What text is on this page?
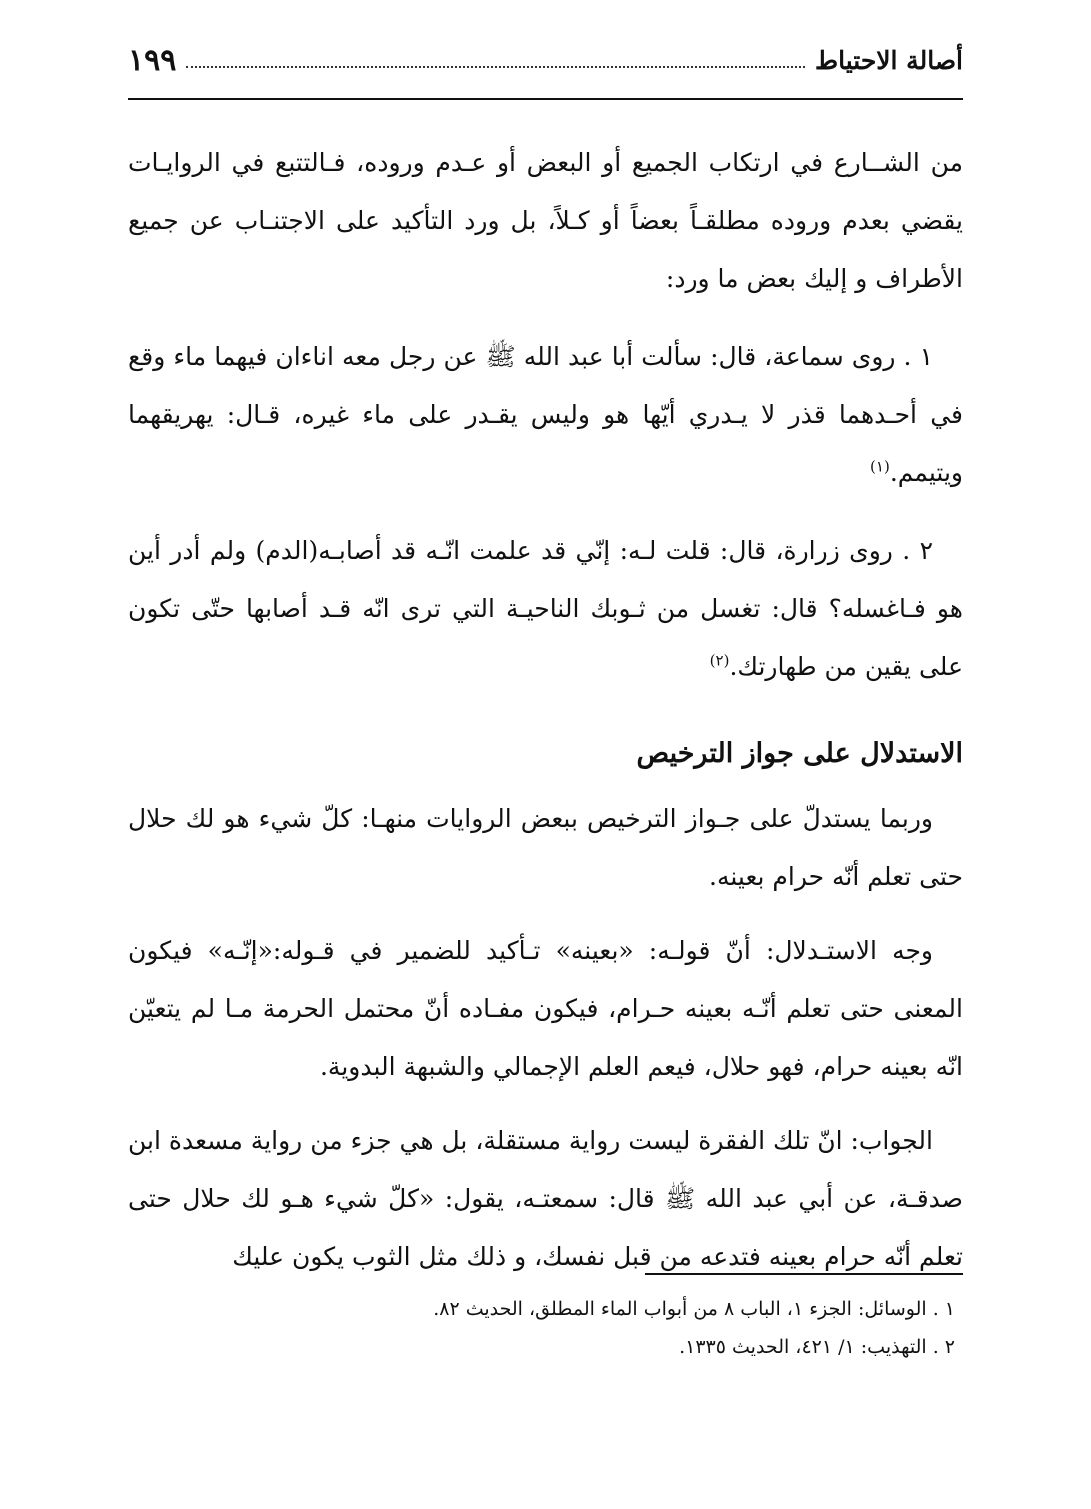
أصالة الاحتياط
١٩٩

من الشــارع في ارتكاب الجميع أو البعض أو عـدم وروده، فـالتتبع في الروايـات يقضي بعدم وروده مطلقـاً بعضاً أو كـلاً، بل ورد التأكيد على الاجتنـاب عن جميع الأطراف و إليك بعض ما ورد:

١ . روى سماعة، قال: سألت أبا عبد الله ﷺ عن رجل معه اناءان فيهما ماء وقع في أحـدهما قذر لا يـدري أيّها هو وليس يقـدر على ماء غيره، قـال: يهريقهما ويتيمم.$^{(١)}$

٢ . روى زرارة، قال: قلت لـه: إنّي قد علمت انّـه قد أصابـه(الدم) ولم أدر أين هو فـاغسله؟ قال: تغسل من ثـوبك الناحيـة التي ترى انّه قـد أصابها حتّى تكون على يقين من طهارتك.$^{(٢)}$

الاستدلال على جواز الترخيص

وربما يستدلّ على جـواز الترخيص ببعض الروايات منهـا: كلّ شيء هو لك حلال حتى تعلم أنّه حرام بعينه.

وجه الاستـدلال: أنّ قولـه: «بعينه» تـأكيد للضمير في قـوله:«إنّـه» فيكون المعنى حتى تعلم أنّـه بعينه حـرام، فيكون مفـاده أنّ محتمل الحرمة مـا لم يتعيّن انّه بعينه حرام، فهو حلال، فيعم العلم الإجمالي والشبهة البدوية.

الجواب: انّ تلك الفقرة ليست رواية مستقلة، بل هي جزء من رواية مسعدة ابن صدقـة، عن أبي عبد الله ﷺ قال: سمعتـه، يقول: «كلّ شيء هـو لك حلال حتى تعلم أنّه حرام بعينه فتدعه من قبل نفسك، و ذلك مثل الثوب يكون عليك

١ . الوسائل: الجزء ١، الباب ٨ من أبواب الماء المطلق، الحديث ٨٢.

٢ . التهذيب: ١/ ٤٢١، الحديث ١٣٣٥.
